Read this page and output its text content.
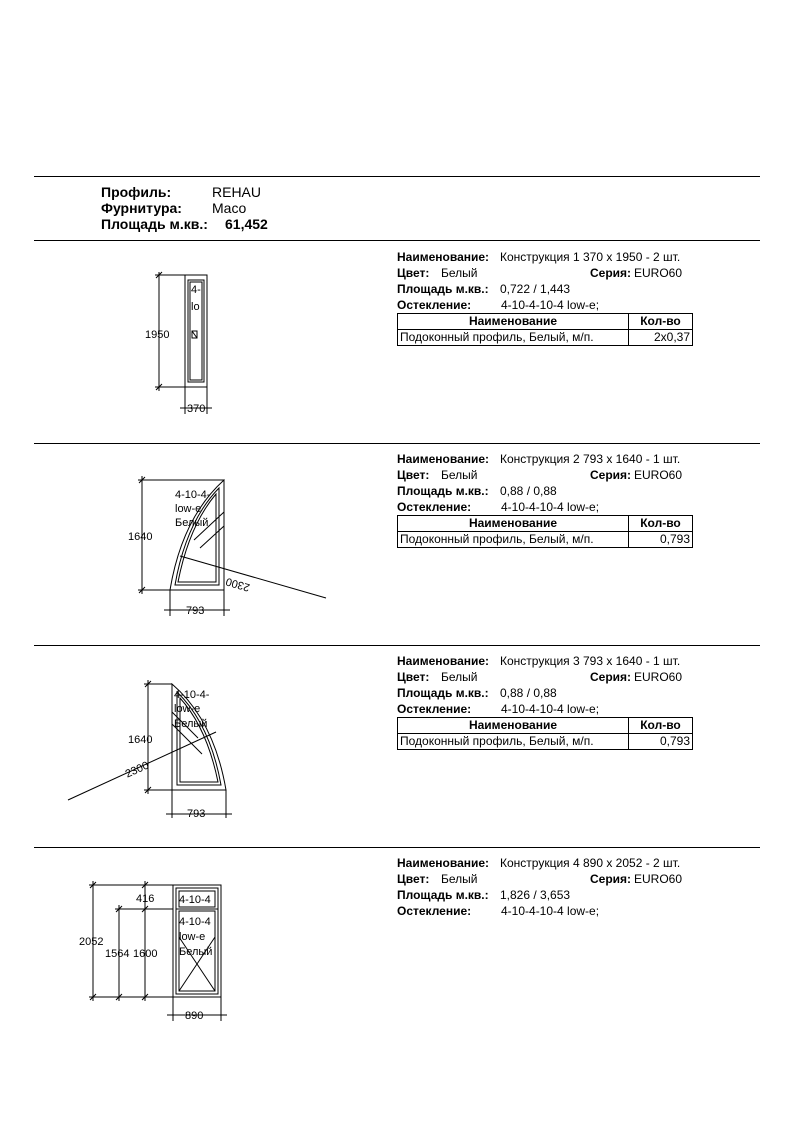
Профиль:	REHAU
Фурнитура: Maco
Площадь м.кв.: 61,452
Наименование: Конструкция 1 370 x 1950 - 2 шт.
Цвет: Белый	Серия: EURO60
Площадь м.кв.: 0,722 / 1,443
Остекление: 4-10-4-10-4 low-e;
Наименование	Кол-во
Подоконный профиль, Белый, м/п.	2x0,37
1950
370
4-
lo
Наименование: Конструкция 2 793 x 1640 - 1 шт.
Цвет: Белый	Серия: EURO60
Площадь м.кв.: 0,88 / 0,88
Остекление: 4-10-4-10-4 low-e;
Наименование	Кол-во
Подоконный профиль, Белый, м/п.	0,793
1640
793
2300
4-10-4-
low-e
Белый
Наименование: Конструкция 3 793 x 1640 - 1 шт.
Цвет: Белый	Серия: EURO60
Площадь м.кв.: 0,88 / 0,88
Остекление: 4-10-4-10-4 low-e;
Наименование	Кол-во
Подоконный профиль, Белый, м/п.	0,793
1640
793
2300
4-10-4-
low-e
Белый
Наименование: Конструкция 4 890 x 2052 - 2 шт.
Цвет: Белый	Серия: EURO60
Площадь м.кв.: 1,826 / 3,653
Остекление: 4-10-4-10-4 low-e;
416
2052
1564 1600
890
4-10-4
4-10-4
low-e
Белый
